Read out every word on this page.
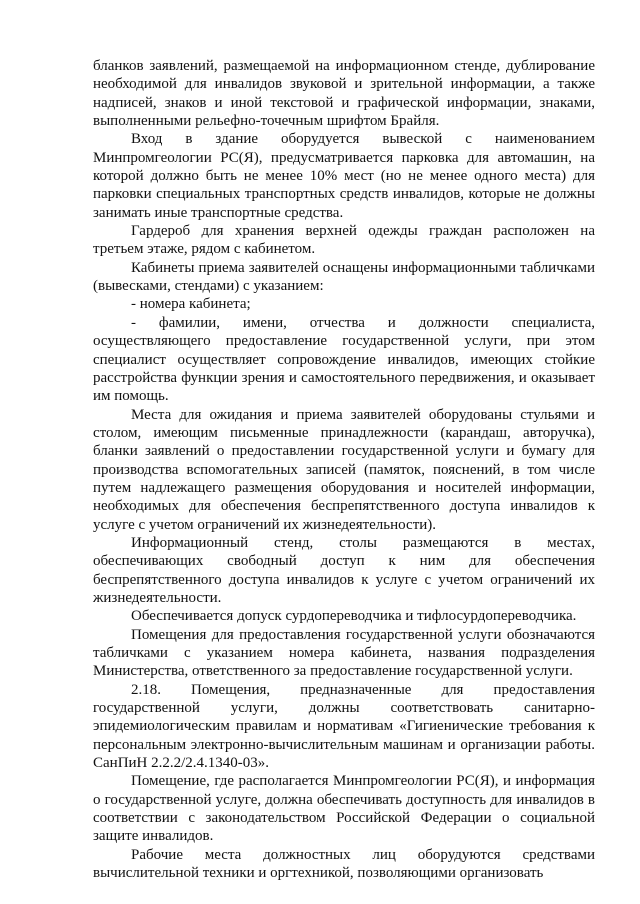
бланков заявлений, размещаемой на информационном стенде, дублирование необходимой для инвалидов звуковой и зрительной информации, а также надписей, знаков и иной текстовой и графической информации, знаками, выполненными рельефно-точечным шрифтом Брайля.

Вход в здание оборудуется вывеской с наименованием Минпромгеологии РС(Я), предусматривается парковка для автомашин, на которой должно быть не менее 10% мест (но не менее одного места) для парковки специальных транспортных средств инвалидов, которые не должны занимать иные транспортные средства.

Гардероб для хранения верхней одежды граждан расположен на третьем этаже, рядом с кабинетом.

Кабинеты приема заявителей оснащены информационными табличками (вывесками, стендами) с указанием:

- номера кабинета;

- фамилии, имени, отчества и должности специалиста, осуществляющего предоставление государственной услуги, при этом специалист осуществляет сопровождение инвалидов, имеющих стойкие расстройства функции зрения и самостоятельного передвижения, и оказывает им помощь.

Места для ожидания и приема заявителей оборудованы стульями и столом, имеющим письменные принадлежности (карандаш, авторучка), бланки заявлений о предоставлении государственной услуги и бумагу для производства вспомогательных записей (памяток, пояснений, в том числе путем надлежащего размещения оборудования и носителей информации, необходимых для обеспечения беспрепятственного доступа инвалидов к услуге с учетом ограничений их жизнедеятельности).

Информационный стенд, столы размещаются в местах, обеспечивающих свободный доступ к ним для обеспечения беспрепятственного доступа инвалидов к услуге с учетом ограничений их жизнедеятельности.

Обеспечивается допуск сурдопереводчика и тифлосурдопереводчика.

Помещения для предоставления государственной услуги обозначаются табличками с указанием номера кабинета, названия подразделения Министерства, ответственного за предоставление государственной услуги.

2.18. Помещения, предназначенные для предоставления государственной услуги, должны соответствовать санитарно-эпидемиологическим правилам и нормативам «Гигиенические требования к персональным электронно-вычислительным машинам и организации работы. СанПиН 2.2.2/2.4.1340-03».

Помещение, где располагается Минпромгеологии РС(Я), и информация о государственной услуге, должна обеспечивать доступность для инвалидов в соответствии с законодательством Российской Федерации о социальной защите инвалидов.

Рабочие места должностных лиц оборудуются средствами вычислительной техники и оргтехникой, позволяющими организовать
